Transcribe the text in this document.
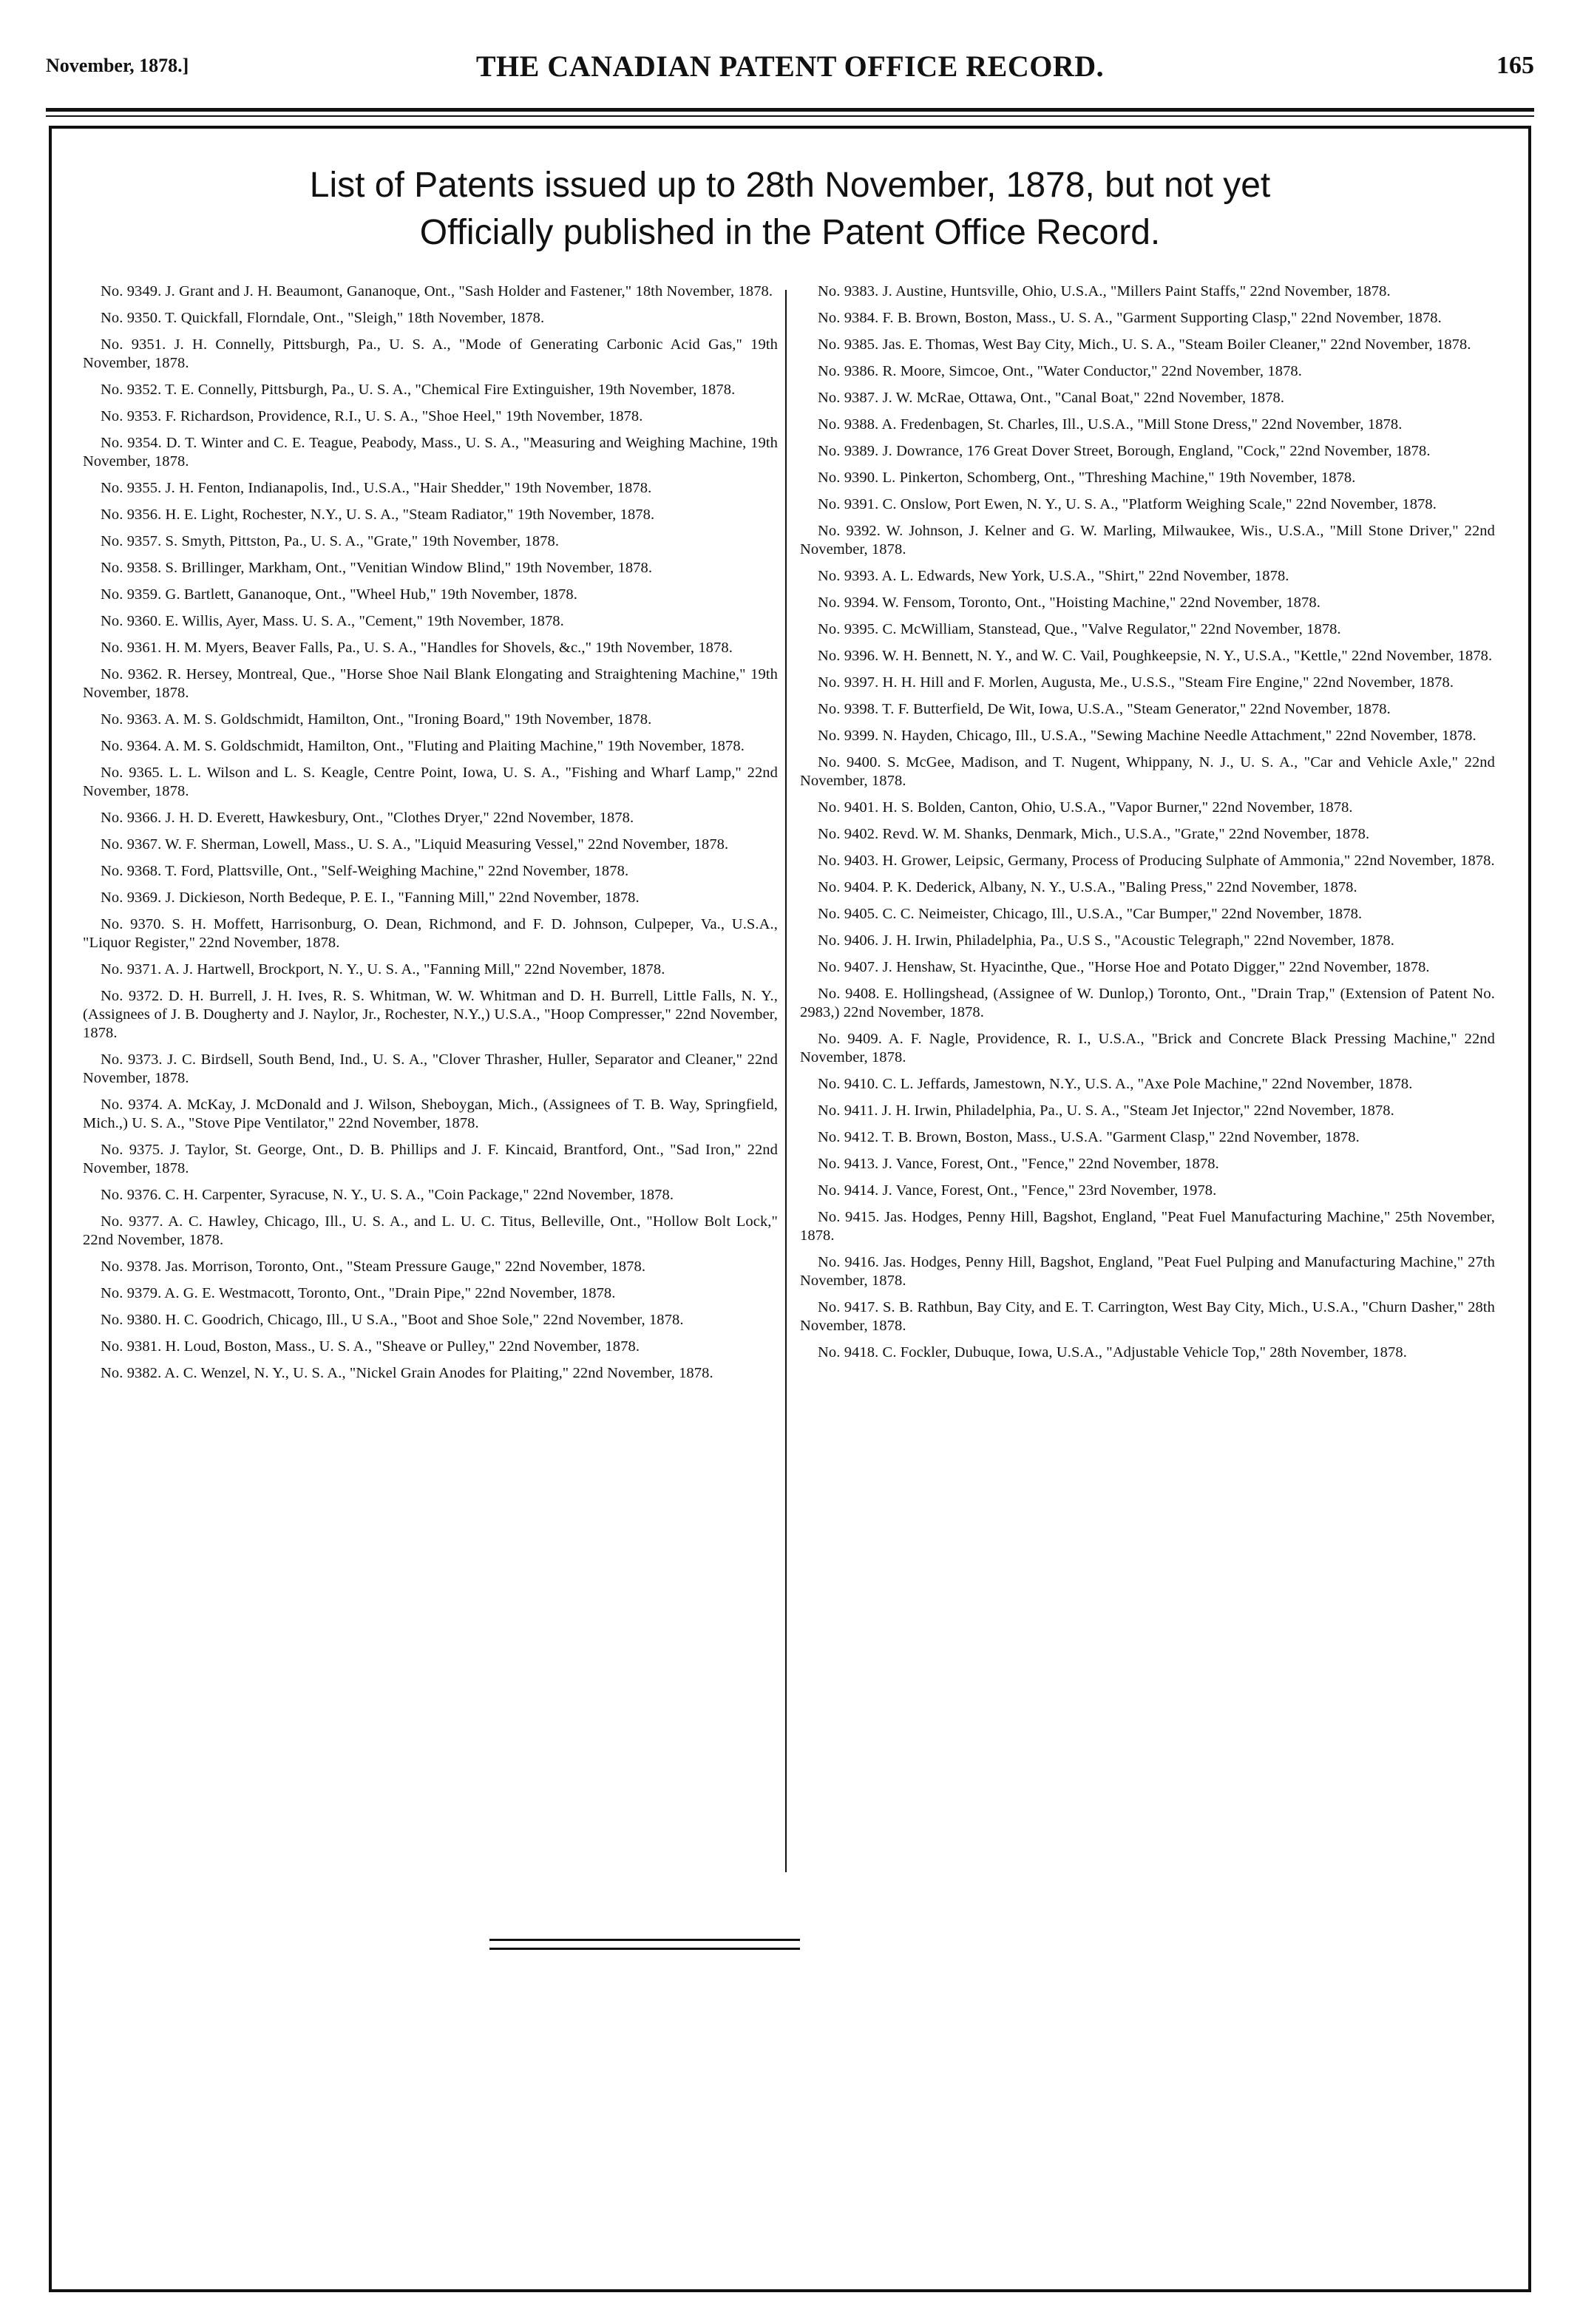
November, 1878.]	THE CANADIAN PATENT OFFICE RECORD.	165
List of Patents issued up to 28th November, 1878, but not yet
Officially published in the Patent Office Record.

No. 9349. J. Grant and J. H. Beaumont, Gananoque, Ont., "Sash Holder and Fastener," 18th November, 1878.

No. 9350. T. Quickfall, Florndale, Ont., "Sleigh," 18th November, 1878.

No. 9351. J. H. Connelly, Pittsburgh, Pa., U. S. A., "Mode of Generating Carbonic Acid Gas," 19th November, 1878.

No. 9352. T. E. Connelly, Pittsburgh, Pa., U. S. A., "Chemical Fire Extinguisher, 19th November, 1878.

No. 9353. F. Richardson, Providence, R.I., U. S. A., "Shoe Heel," 19th November, 1878.

No. 9354. D. T. Winter and C. E. Teague, Peabody, Mass., U. S. A., "Measuring and Weighing Machine, 19th November, 1878.

No. 9355. J. H. Fenton, Indianapolis, Ind., U.S.A., "Hair Shedder," 19th November, 1878.

No. 9356. H. E. Light, Rochester, N.Y., U. S. A., "Steam Radiator," 19th November, 1878.

No. 9357. S. Smyth, Pittston, Pa., U. S. A., "Grate," 19th November, 1878.

No. 9358. S. Brillinger, Markham, Ont., "Venitian Window Blind," 19th November, 1878.

No. 9359. G. Bartlett, Gananoque, Ont., "Wheel Hub," 19th November, 1878.

No. 9360. E. Willis, Ayer, Mass. U. S. A., "Cement," 19th November, 1878.

No. 9361. H. M. Myers, Beaver Falls, Pa., U. S. A., "Handles for Shovels, &c.," 19th November, 1878.

No. 9362. R. Hersey, Montreal, Que., "Horse Shoe Nail Blank Elongating and Straightening Machine," 19th November, 1878.

No. 9363. A. M. S. Goldschmidt, Hamilton, Ont., "Ironing Board," 19th November, 1878.

No. 9364. A. M. S. Goldschmidt, Hamilton, Ont., "Fluting and Plaiting Machine," 19th November, 1878.

No. 9365. L. L. Wilson and L. S. Keagle, Centre Point, Iowa, U. S. A., "Fishing and Wharf Lamp," 22nd November, 1878.

No. 9366. J. H. D. Everett, Hawkesbury, Ont., "Clothes Dryer," 22nd November, 1878.

No. 9367. W. F. Sherman, Lowell, Mass., U. S. A., "Liquid Measuring Vessel," 22nd November, 1878.

No. 9368. T. Ford, Plattsville, Ont., "Self-Weighing Machine," 22nd November, 1878.

No. 9369. J. Dickieson, North Bedeque, P. E. I., "Fanning Mill," 22nd November, 1878.

No. 9370. S. H. Moffett, Harrisonburg, O. Dean, Richmond, and F. D. Johnson, Culpeper, Va., U.S.A., "Liquor Register," 22nd November, 1878.

No. 9371. A. J. Hartwell, Brockport, N. Y., U. S. A., "Fanning Mill," 22nd November, 1878.

No. 9372. D. H. Burrell, J. H. Ives, R. S. Whitman, W. W. Whitman and D. H. Burrell, Little Falls, N. Y., (Assignees of J. B. Dougherty and J. Naylor, Jr., Rochester, N.Y.,) U.S.A., "Hoop Compresser," 22nd November, 1878.

No. 9373. J. C. Birdsell, South Bend, Ind., U. S. A., "Clover Thrasher, Huller, Separator and Cleaner," 22nd November, 1878.

No. 9374. A. McKay, J. McDonald and J. Wilson, Sheboygan, Mich., (Assignees of T. B. Way, Springfield, Mich.,) U. S. A., "Stove Pipe Ventilator," 22nd November, 1878.

No. 9375. J. Taylor, St. George, Ont., D. B. Phillips and J. F. Kincaid, Brantford, Ont., "Sad Iron," 22nd November, 1878.

No. 9376. C. H. Carpenter, Syracuse, N. Y., U. S. A., "Coin Package," 22nd November, 1878.

No. 9377. A. C. Hawley, Chicago, Ill., U. S. A., and L. U. C. Titus, Belleville, Ont., "Hollow Bolt Lock," 22nd November, 1878.

No. 9378. Jas. Morrison, Toronto, Ont., "Steam Pressure Gauge," 22nd November, 1878.

No. 9379. A. G. E. Westmacott, Toronto, Ont., "Drain Pipe," 22nd November, 1878.

No. 9380. H. C. Goodrich, Chicago, Ill., U S.A., "Boot and Shoe Sole," 22nd November, 1878.

No. 9381. H. Loud, Boston, Mass., U. S. A., "Sheave or Pulley," 22nd November, 1878.

No. 9382. A. C. Wenzel, N. Y., U. S. A., "Nickel Grain Anodes for Plaiting," 22nd November, 1878.

No. 9383. J. Austine, Huntsville, Ohio, U.S.A., "Millers Paint Staffs," 22nd November, 1878.

No. 9384. F. B. Brown, Boston, Mass., U. S. A., "Garment Supporting Clasp," 22nd November, 1878.

No. 9385. Jas. E. Thomas, West Bay City, Mich., U. S. A., "Steam Boiler Cleaner," 22nd November, 1878.

No. 9386. R. Moore, Simcoe, Ont., "Water Conductor," 22nd November, 1878.

No. 9387. J. W. McRae, Ottawa, Ont., "Canal Boat," 22nd November, 1878.

No. 9388. A. Fredenbagen, St. Charles, Ill., U.S.A., "Mill Stone Dress," 22nd November, 1878.

No. 9389. J. Dowrance, 176 Great Dover Street, Borough, England, "Cock," 22nd November, 1878.

No. 9390. L. Pinkerton, Schomberg, Ont., "Threshing Machine," 19th November, 1878.

No. 9391. C. Onslow, Port Ewen, N. Y., U. S. A., "Platform Weighing Scale," 22nd November, 1878.

No. 9392. W. Johnson, J. Kelner and G. W. Marling, Milwaukee, Wis., U.S.A., "Mill Stone Driver," 22nd November, 1878.

No. 9393. A. L. Edwards, New York, U.S.A., "Shirt," 22nd November, 1878.

No. 9394. W. Fensom, Toronto, Ont., "Hoisting Machine," 22nd November, 1878.

No. 9395. C. McWilliam, Stanstead, Que., "Valve Regulator," 22nd November, 1878.

No. 9396. W. H. Bennett, N. Y., and W. C. Vail, Poughkeepsie, N. Y., U.S.A., "Kettle," 22nd November, 1878.

No. 9397. H. H. Hill and F. Morlen, Augusta, Me., U.S.S., "Steam Fire Engine," 22nd November, 1878.

No. 9398. T. F. Butterfield, De Wit, Iowa, U.S.A., "Steam Generator," 22nd November, 1878.

No. 9399. N. Hayden, Chicago, Ill., U.S.A., "Sewing Machine Needle Attachment," 22nd November, 1878.

No. 9400. S. McGee, Madison, and T. Nugent, Whippany, N. J., U. S. A., "Car and Vehicle Axle," 22nd November, 1878.

No. 9401. H. S. Bolden, Canton, Ohio, U.S.A., "Vapor Burner," 22nd November, 1878.

No. 9402. Revd. W. M. Shanks, Denmark, Mich., U.S.A., "Grate," 22nd November, 1878.

No. 9403. H. Grower, Leipsic, Germany, Process of Producing Sulphate of Ammonia," 22nd November, 1878.

No. 9404. P. K. Dederick, Albany, N. Y., U.S.A., "Baling Press," 22nd November, 1878.

No. 9405. C. C. Neimeister, Chicago, Ill., U.S.A., "Car Bumper," 22nd November, 1878.

No. 9406. J. H. Irwin, Philadelphia, Pa., U.S S., "Acoustic Telegraph," 22nd November, 1878.

No. 9407. J. Henshaw, St. Hyacinthe, Que., "Horse Hoe and Potato Digger," 22nd November, 1878.

No. 9408. E. Hollingshead, (Assignee of W. Dunlop,) Toronto, Ont., "Drain Trap," (Extension of Patent No. 2983,) 22nd November, 1878.

No. 9409. A. F. Nagle, Providence, R. I., U.S.A., "Brick and Concrete Black Pressing Machine," 22nd November, 1878.

No. 9410. C. L. Jeffards, Jamestown, N.Y., U.S. A., "Axe Pole Machine," 22nd November, 1878.

No. 9411. J. H. Irwin, Philadelphia, Pa., U. S. A., "Steam Jet Injector," 22nd November, 1878.

No. 9412. T. B. Brown, Boston, Mass., U.S.A. "Garment Clasp," 22nd November, 1878.

No. 9413. J. Vance, Forest, Ont., "Fence," 22nd November, 1878.

No. 9414. J. Vance, Forest, Ont., "Fence," 23rd November, 1978.

No. 9415. Jas. Hodges, Penny Hill, Bagshot, England, "Peat Fuel Manufacturing Machine," 25th November, 1878.

No. 9416. Jas. Hodges, Penny Hill, Bagshot, England, "Peat Fuel Pulping and Manufacturing Machine," 27th November, 1878.

No. 9417. S. B. Rathbun, Bay City, and E. T. Carrington, West Bay City, Mich., U.S.A., "Churn Dasher," 28th November, 1878.

No. 9418. C. Fockler, Dubuque, Iowa, U.S.A., "Adjustable Vehicle Top," 28th November, 1878.
